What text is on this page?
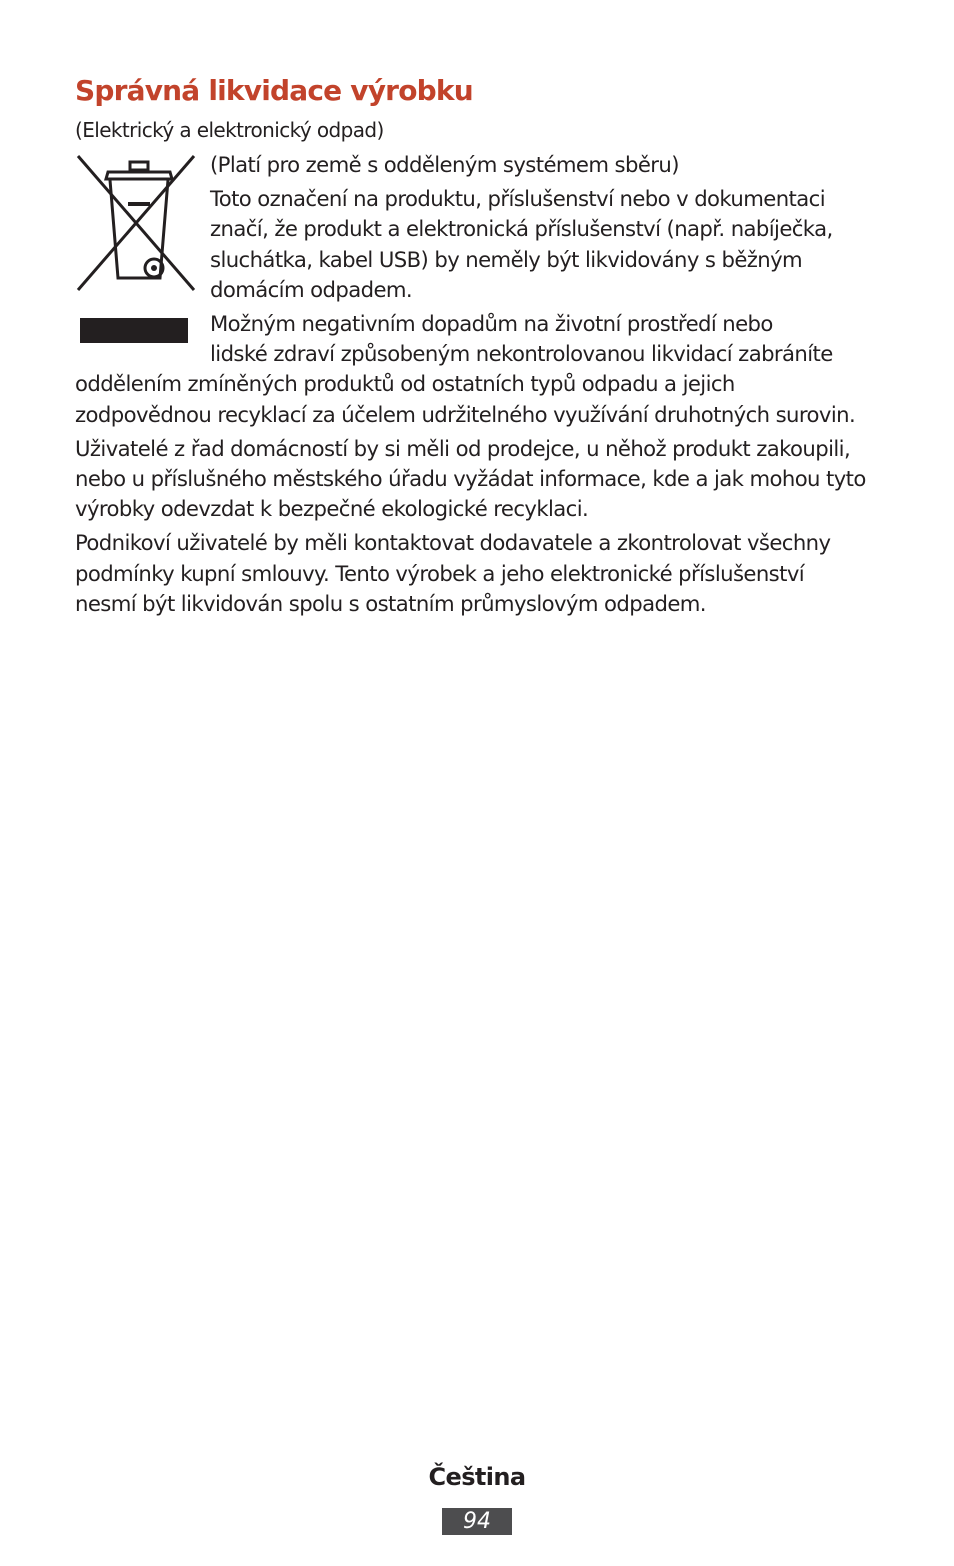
Správná likvidace výrobku

(Elektrický a elektronický odpad)

(Platí pro země s odděleným systémem sběru)
Toto označení na produktu, příslušenství nebo v dokumentaci
značí, že produkt a elektronická příslušenství (např. nabíječka,
sluchátka, kabel USB) by neměly být likvidovány s běžným
domácím odpadem.
Možným negativním dopadům na životní prostředí nebo
lidské zdraví způsobeným nekontrolovanou likvidací zabráníte
oddělením zmíněných produktů od ostatních typů odpadu a jejich
zodpovědnou recyklací za účelem udržitelného využívání druhotných surovin.
Uživatelé z řad domácností by si měli od prodejce, u něhož produkt zakoupili,
nebo u příslušného městského úřadu vyžádat informace, kde a jak mohou tyto
výrobky odevzdat k bezpečné ekologické recyklaci.
Podnikoví uživatelé by měli kontaktovat dodavatele a zkontrolovat všechny
podmínky kupní smlouvy. Tento výrobek a jeho elektronické příslušenství
nesmí být likvidován spolu s ostatním průmyslovým odpadem.
Čeština
94
